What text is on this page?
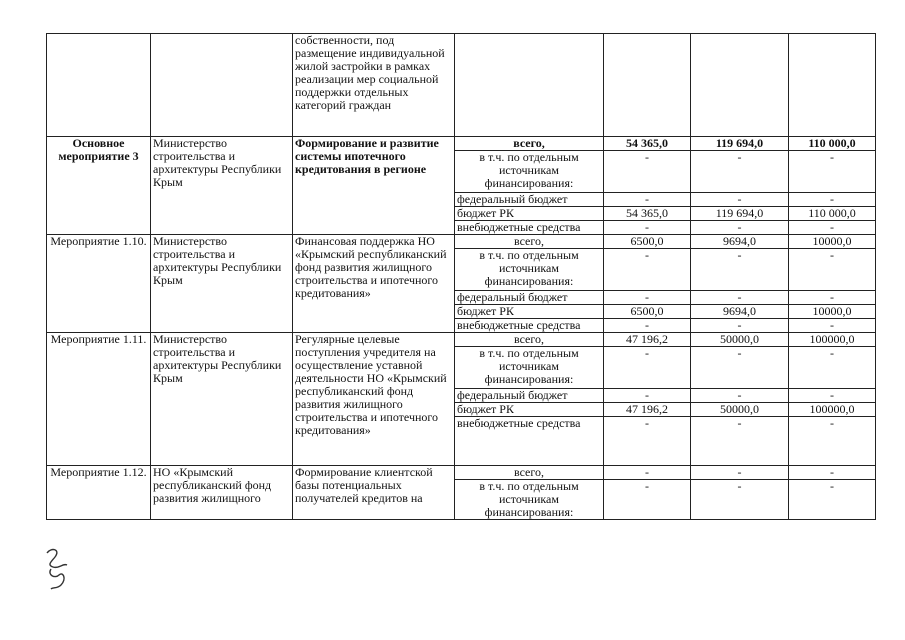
		собственности, под размещение индивидуальной жилой застройки в рамках реализации мер социальной поддержки отдельных категорий граждан				
Основное мероприятие 3	Министерство строительства и архитектуры Республики Крым	Формирование и развитие системы ипотечного кредитования в регионе	всего,	54 365,0	119 694,0	110 000,0
			в т.ч. по отдельным источникам финансирования:	-	-	-
			федеральный бюджет	-	-	-
			бюджет РК	54 365,0	119 694,0	110 000,0
			внебюджетные средства	-	-	-
Мероприятие 1.10.	Министерство строительства и архитектуры Республики Крым	Финансовая поддержка НО «Крымский республиканский фонд развития жилищного строительства и ипотечного кредитования»	всего,	6500,0	9694,0	10000,0
			в т.ч. по отдельным источникам финансирования:	-	-	-
			федеральный бюджет	-	-	-
			бюджет РК	6500,0	9694,0	10000,0
			внебюджетные средства	-	-	-
Мероприятие 1.11.	Министерство строительства и архитектуры Республики Крым	Регулярные целевые поступления учредителя на осуществление уставной деятельности НО «Крымский республиканский фонд развития жилищного строительства и ипотечного кредитования»	всего,	47 196,2	50000,0	100000,0
			в т.ч. по отдельным источникам финансирования:	-	-	-
			федеральный бюджет	-	-	-
			бюджет РК	47 196,2	50000,0	100000,0
			внебюджетные средства	-	-	-
Мероприятие 1.12.	НО «Крымский республиканский фонд развития жилищного	Формирование клиентской базы потенциальных получателей кредитов на	всего,	-	-	-
			в т.ч. по отдельным источникам финансирования:	-	-	-
